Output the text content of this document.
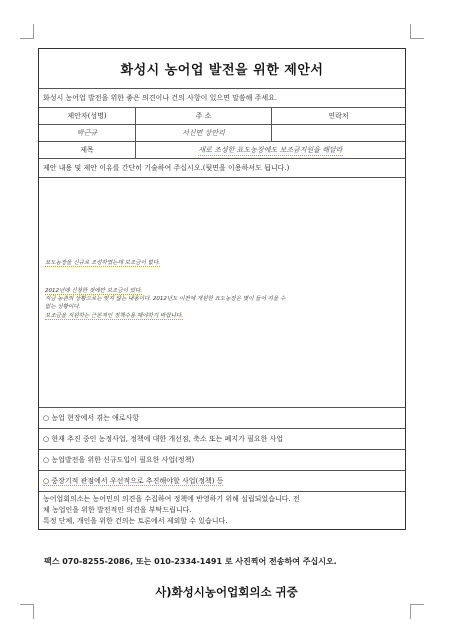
화성시 농어업 발전을 위한 제안서
화성시 농어업 발전을 위한 좋은 의견이나 건의 사항이 있으면 말씀해 주세요.
제안자(성명)	주 소	연락처
박근규	서신면 상안리
제목	새로 조성한 표도농장에도 보조금지원을 해달라
제안 내용 및 제안 이유를 간단히 기술하여 주십시오.(뒷면을 이용하셔도 됩니다.)
표도농장을 신규로 조성하였는데 보조금이 없다.
2012년에 신청한 것에만 보조금이 있다.
지금 농촌의 상황으로는 맞지 않는 내용이다. 2012년도 이전에 개원한 표도농장은 몇이 들어 지을 수
없는 상황이다.
보조금을 지원하는 근본적인 정책수용 해야하기 바랍니다.
○ 농업 현장에서 겪는 애로사항
○ 현재 추진 중인 농정사업, 정책에 대한 개선점, 축소 또는 폐지가 필요한 사업
○ 농업발전을 위한 신규도입이 필요한 사업(정책)
○ 중장기적 관점에서 우선적으로 추진해야할 사업(정책) 등
농어업회의소는 농어민의 의견을 수집하여 정책에 반영하기 위해 설립되었습니다. 전
체 농업인을 위한 발전적인 의견을 부탁드립니다.
특정 단체, 개인을 위한 건의는 토론에서 제외할 수 있습니다.
팩스 070-8255-2086, 또는 010-2334-1491 로 사진찍어 전송하여 주십시오.
사)화성시농어업회의소 귀중
